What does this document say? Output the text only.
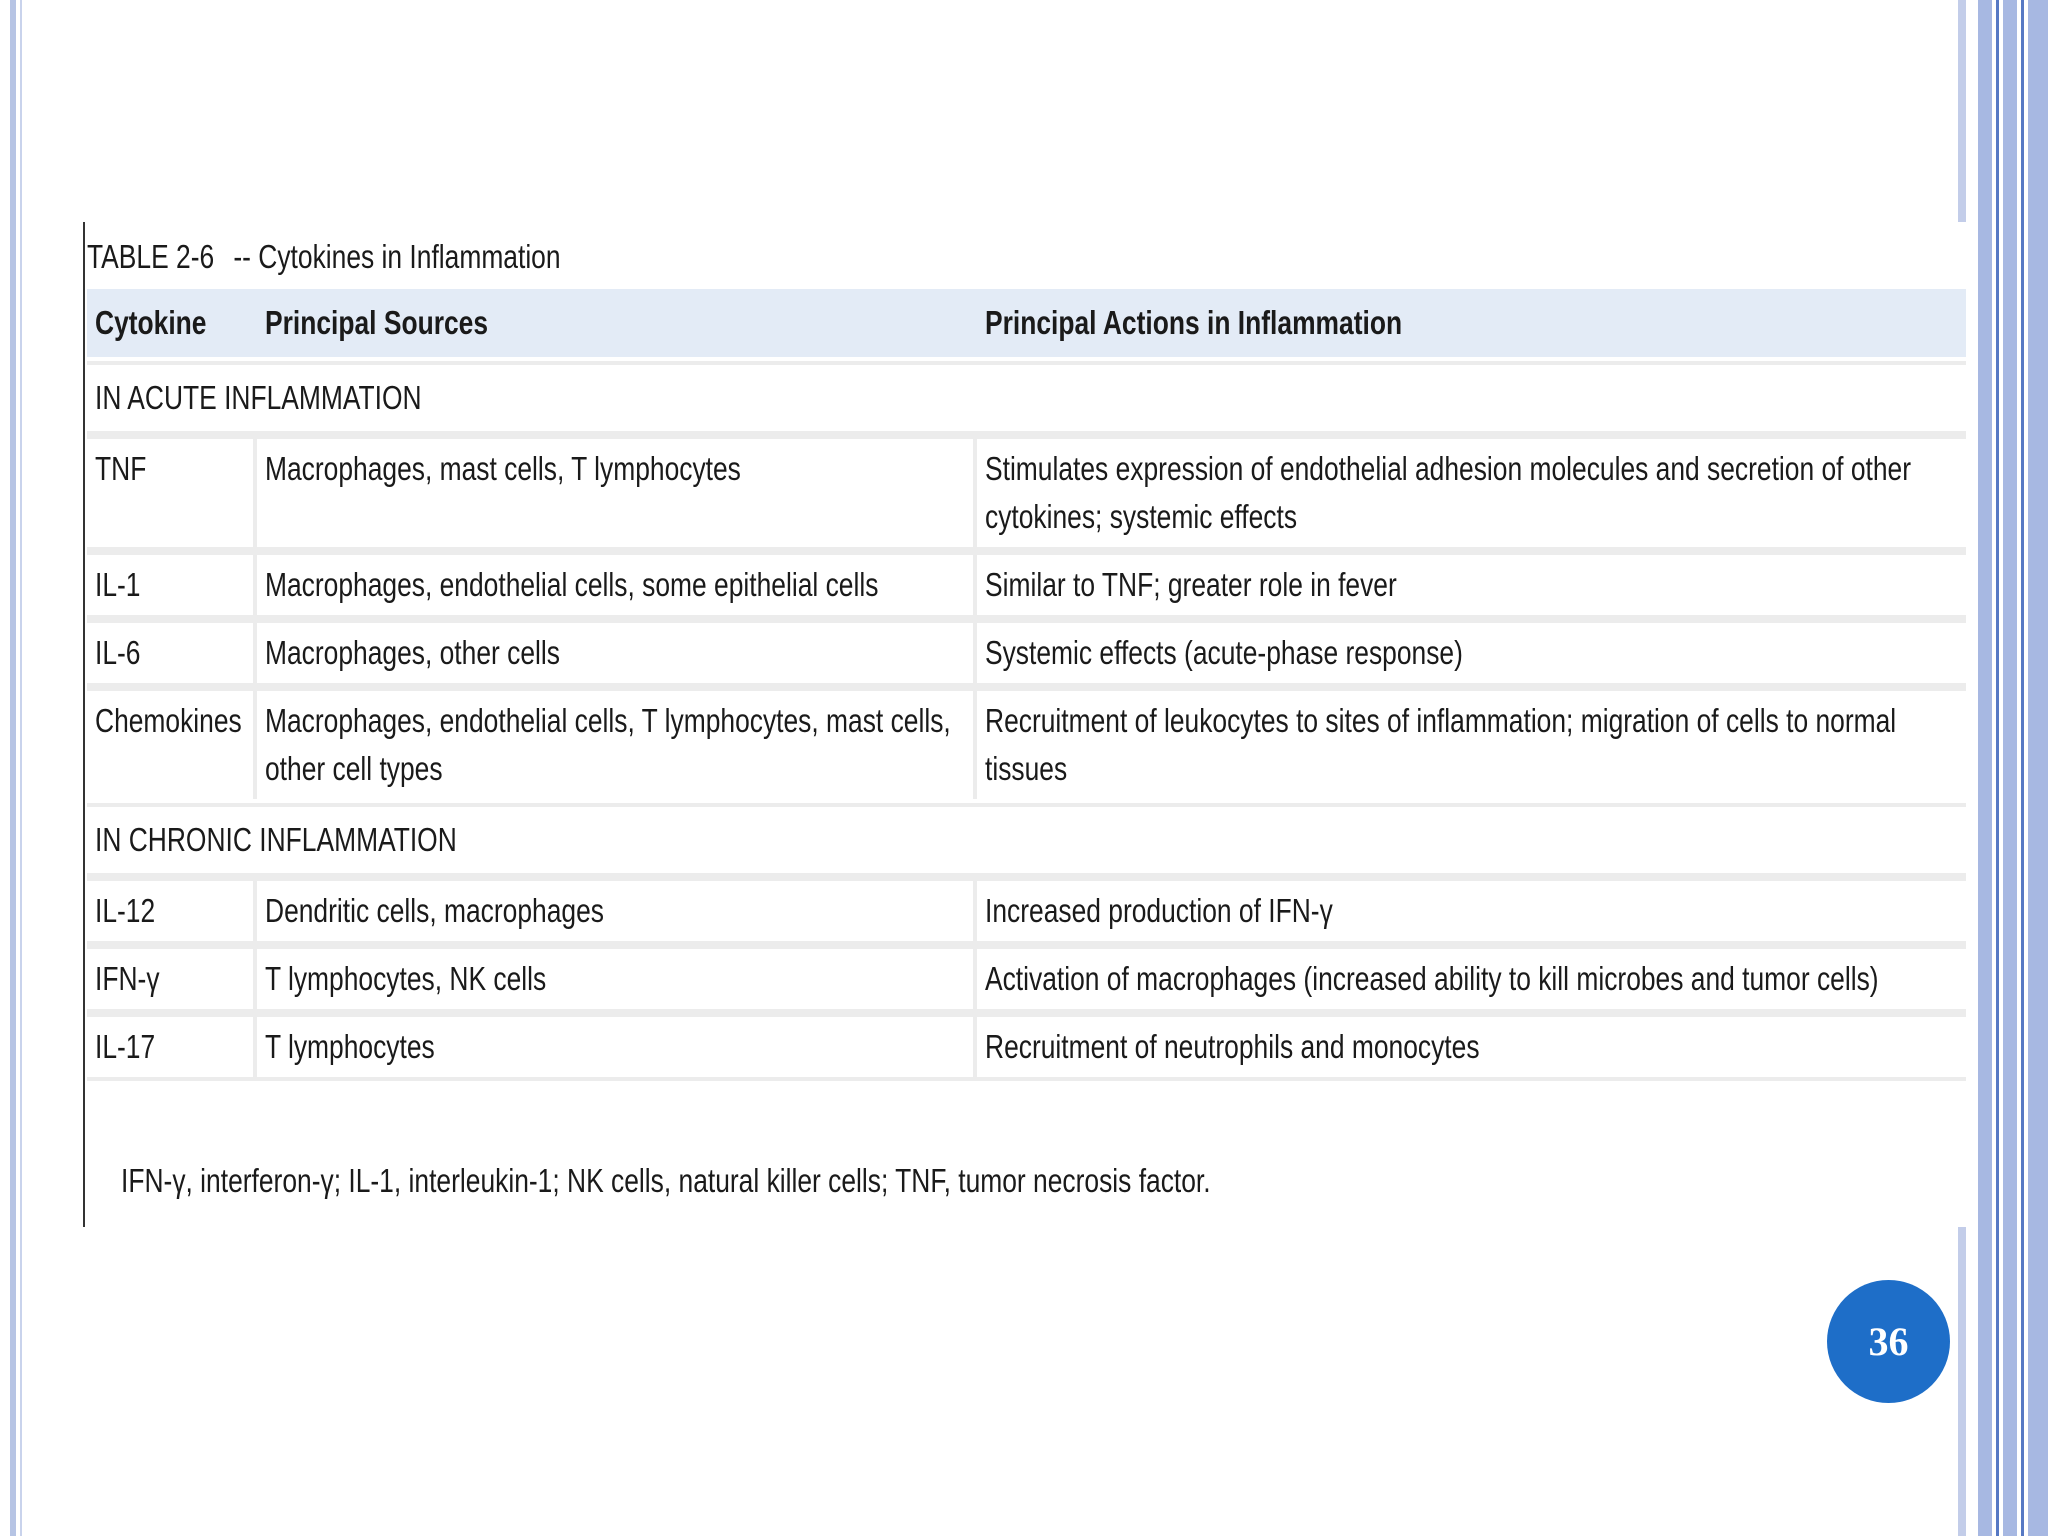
TABLE 2-6 -- Cytokines in Inflammation
Cytokine	Principal Sources	Principal Actions in Inflammation
IN ACUTE INFLAMMATION		
TNF	Macrophages, mast cells, T lymphocytes	Stimulates expression of endothelial adhesion molecules and secretion of other cytokines; systemic effects

IL-1	Macrophages, endothelial cells, some epithelial cells	Similar to TNF; greater role in fever

IL-6	Macrophages, other cells	Systemic effects (acute-phase response)

Chemokines	Macrophages, endothelial cells, T lymphocytes, mast cells, other cell types	Recruitment of leukocytes to sites of inflammation; migration of cells to normal tissues

IN CHRONIC INFLAMMATION		
IL-12	Dendritic cells, macrophages	Increased production of IFN-γ

IFN-γ	T lymphocytes, NK cells	Activation of macrophages (increased ability to kill microbes and tumor cells)

IL-17	T lymphocytes	Recruitment of neutrophils and monocytes
IFN-γ, interferon-γ; IL-1, interleukin-1; NK cells, natural killer cells; TNF, tumor necrosis factor.
36
